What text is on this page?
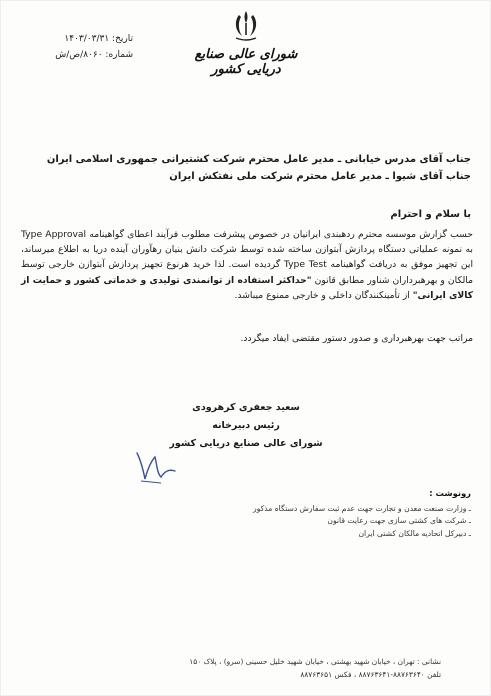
شورای عالی صنایع دریایی کشور
تاریخ: ۱۴۰۳/۰۳/۳۱
شماره: ۸۰۶۰/ص/ش
جناب آقای مدرس خیابانی ـ مدیر عامل محترم شرکت کشتیرانی جمهوری اسلامی ایران
جناب آقای شیوا ـ مدیر عامل محترم شرکت ملی نفتکش ایران
با سلام و احترام

حسب گزارش موسسه محترم ردهبندی ایرانیان در خصوص پیشرفت مطلوب فرآیند اعطای گواهینامه Type Approval به نمونه عملیاتی دستگاه پردازش آبتوازن ساخته شده توسط شرکت دانش بنیان رهآوران آینده دریا به اطلاع میرساند، این تجهیز موفق به دریافت گواهینامه Type Test گردیده است. لذا خرید هرنوع تجهیز پردازش آبتوازن خارجی توسط مالکان و بهرهبرداران شناور مطابق قانون "حداکثر استفاده از توانمندی تولیدی و خدماتی کشور و حمایت از کالای ایرانی" از تأمینکنندگان داخلی و خارجی ممنوع میباشد.

مراتب جهت بهرهبرداری و صدور دستور مقتضی ایفاد میگردد.
سعید جعفری کرهرودی
رئیس دبیرخانه
شورای عالی صنایع دریایی کشور
رونوشت :
ـ وزارت صنعت معدن و تجارت جهت عدم ثبت سفارش دستگاه مذکور
ـ شرکت های کشتی سازی جهت رعایت قانون
ـ دبیرکل اتحادیه مالکان کشتی ایران
نشانی : تهران ، خیابان شهید بهشتی ، خیابان شهید خلیل حسینی (سرو) ، پلاک ۱۵۰
تلفن ۸۸۷۶۳۶۴۰-۸۸۷۶۳۶۴۱ ، فکس ۸۸۷۶۳۶۵۱
